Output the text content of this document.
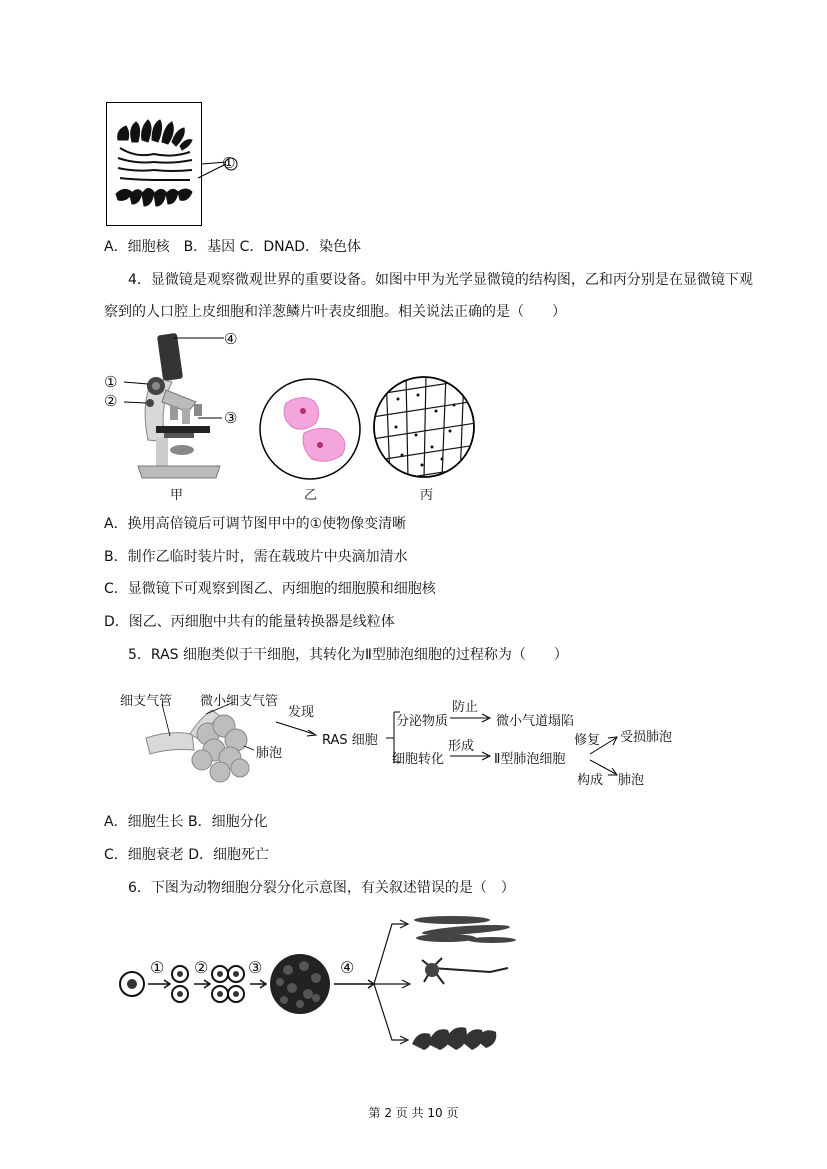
①
A．细胞核　B．基因 C．DNAD．染色体
4．显微镜是观察微观世界的重要设备。如图中甲为光学显微镜的结构图，乙和丙分别是在显微镜下观
察到的人口腔上皮细胞和洋葱鳞片叶表皮细胞。相关说法正确的是（　　）
④
①
②
③
甲	乙	丙
A．换用高倍镜后可调节图甲中的①使物像变清晰
B．制作乙临时装片时，需在载玻片中央滴加清水
C．显微镜下可观察到图乙、丙细胞的细胞膜和细胞核
D．图乙、丙细胞中共有的能量转换器是线粒体
5．RAS 细胞类似于干细胞，其转化为Ⅱ型肺泡细胞的过程称为（　　）
细支气管 微小细支气管
肺泡
发现
RAS 细胞
分泌物质
防止
微小气道塌陷
细胞转化
形成
Ⅱ型肺泡细胞
修复 受损肺泡
构成 肺泡
A．细胞生长 B．细胞分化
C．细胞衰老 D．细胞死亡
6．下图为动物细胞分裂分化示意图，有关叙述错误的是（　）
① ② ③	④
第 2 页 共 10 页
